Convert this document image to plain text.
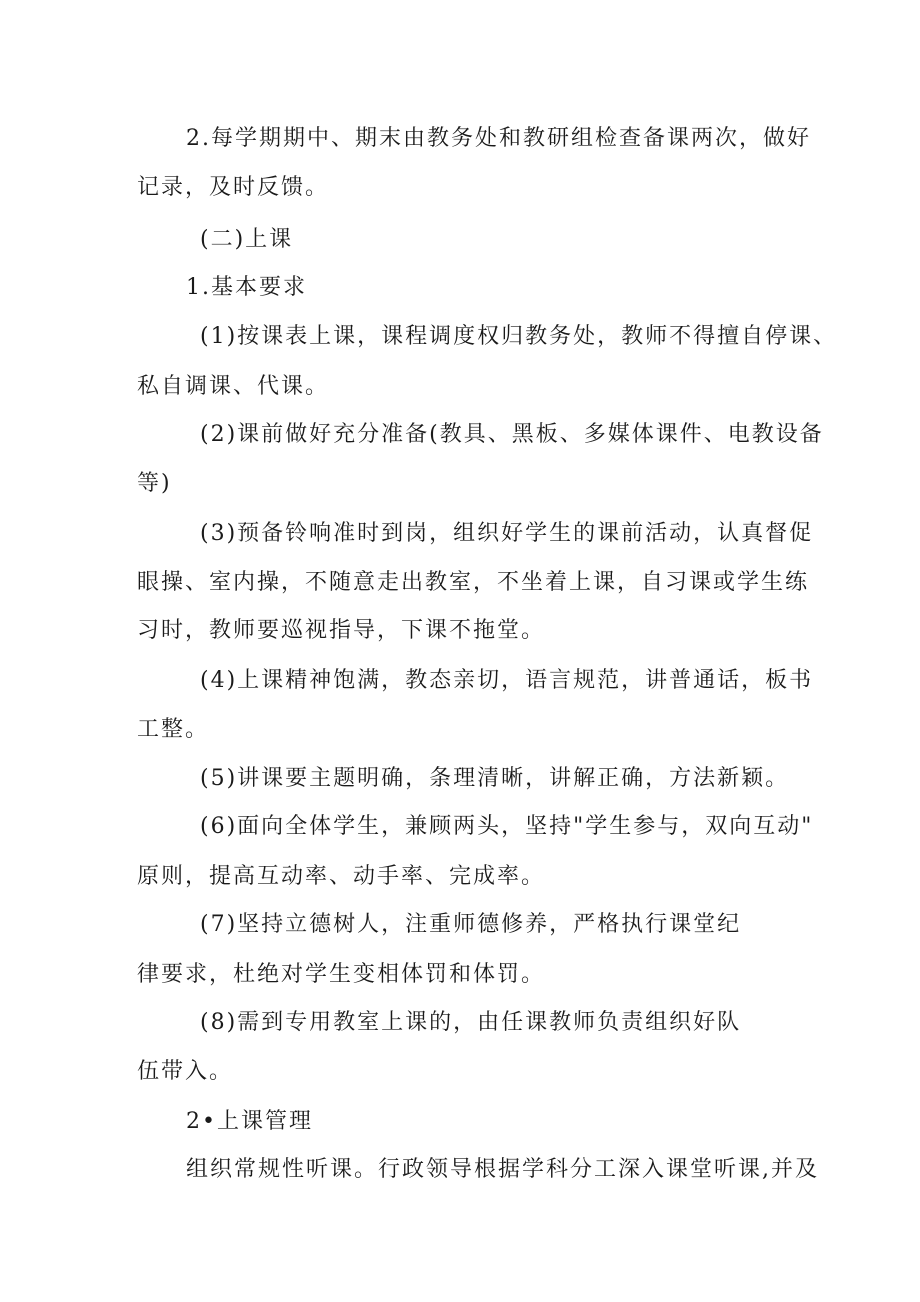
2.每学期期中、期末由教务处和教研组检查备课两次，做好

记录，及时反馈。

(二)上课

1.基本要求

(1)按课表上课，课程调度权归教务处，教师不得擅自停课、

私自调课、代课。

(2)课前做好充分准备(教具、黑板、多媒体课件、电教设备

等)

(3)预备铃响准时到岗，组织好学生的课前活动，认真督促

眼操、室内操，不随意走出教室，不坐着上课，自习课或学生练

习时，教师要巡视指导，下课不拖堂。

(4)上课精神饱满，教态亲切，语言规范，讲普通话，板书

工整。

(5)讲课要主题明确，条理清晰，讲解正确，方法新颖。

(6)面向全体学生，兼顾两头，坚持"学生参与，双向互动"

原则，提高互动率、动手率、完成率。

(7)坚持立德树人，注重师德修养，严格执行课堂纪

律要求，杜绝对学生变相体罚和体罚。

(8)需到专用教室上课的，由任课教师负责组织好队

伍带入。

2•上课管理

组织常规性听课。行政领导根据学科分工深入课堂听课,并及
